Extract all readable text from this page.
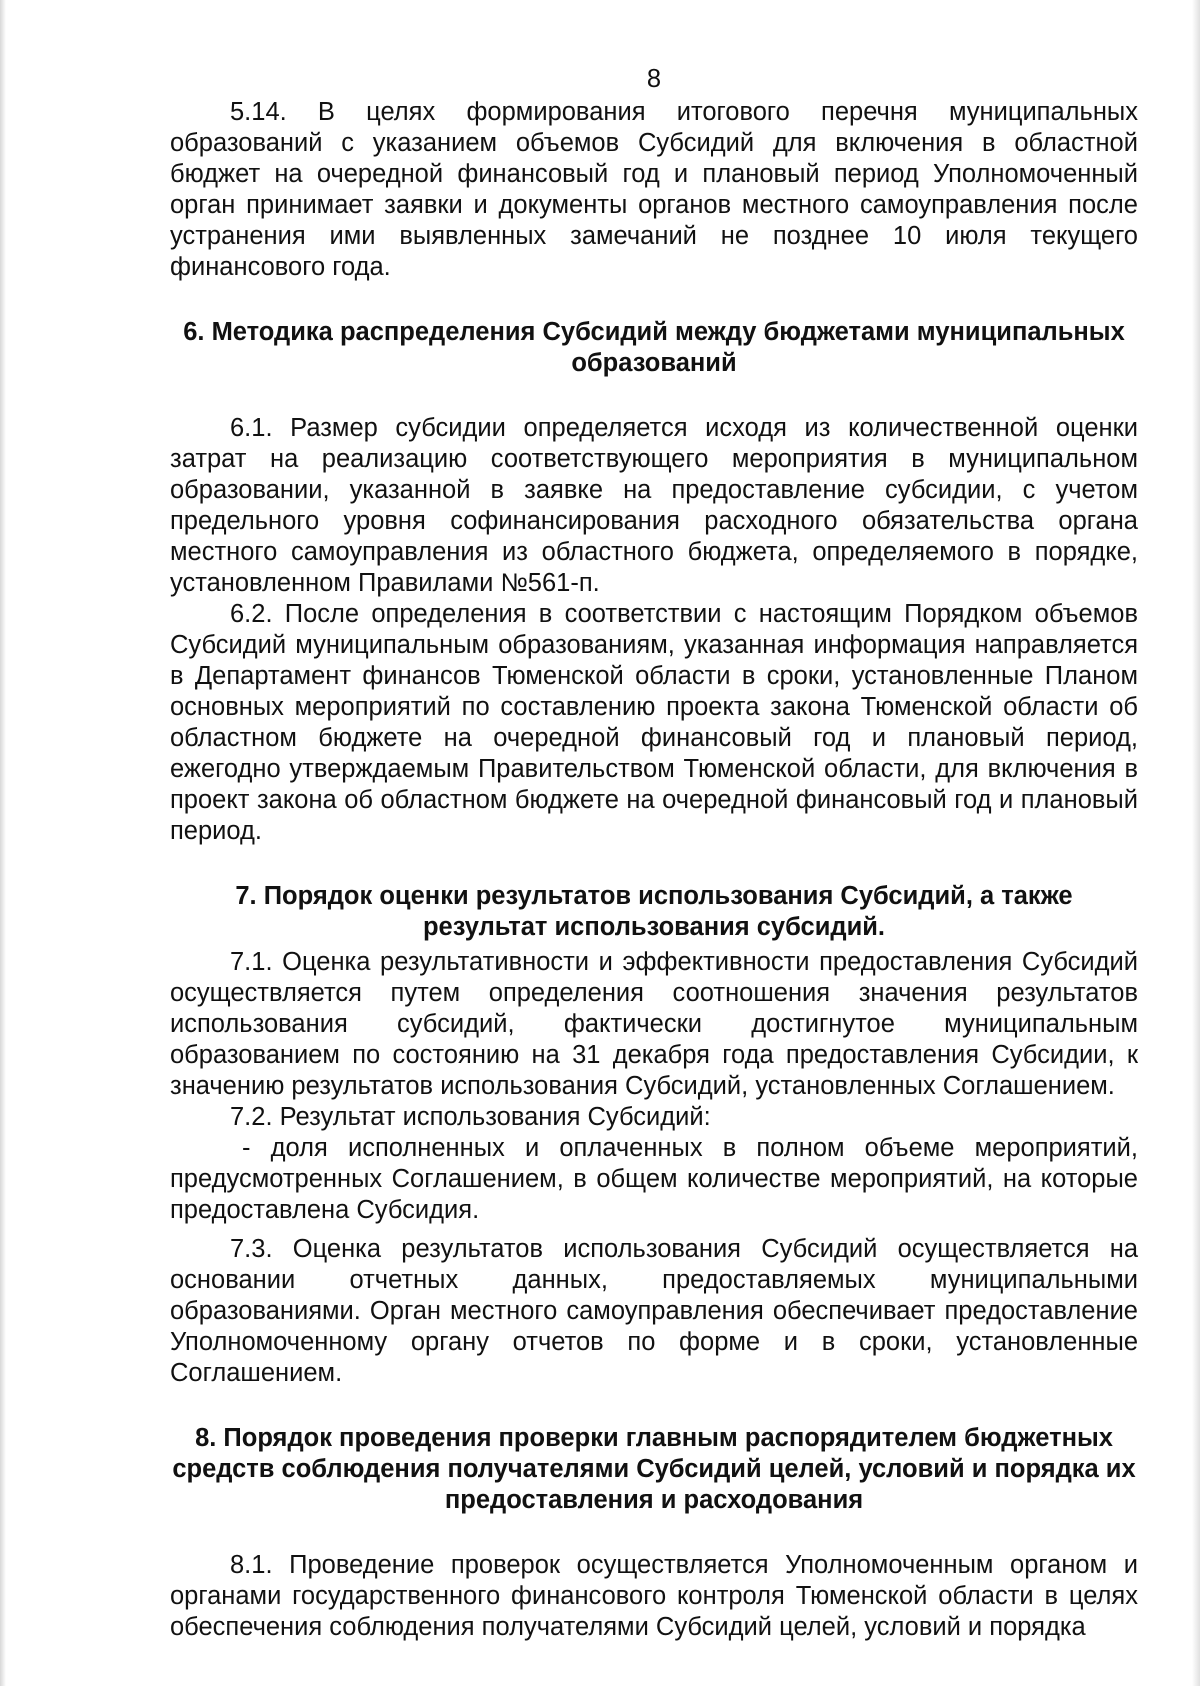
8

5.14. В целях формирования итогового перечня муниципальных образований с указанием объемов Субсидий для включения в областной бюджет на очередной финансовый год и плановый период Уполномоченный орган принимает заявки и документы органов местного самоуправления после устранения ими выявленных замечаний не позднее 10 июля текущего финансового года.

6. Методика распределения Субсидий между бюджетами муниципальных образований

6.1. Размер субсидии определяется исходя из количественной оценки затрат на реализацию соответствующего мероприятия в муниципальном образовании, указанной в заявке на предоставление субсидии, с учетом предельного уровня софинансирования расходного обязательства органа местного самоуправления из областного бюджета, определяемого в порядке, установленном Правилами №561-п.

6.2. После определения в соответствии с настоящим Порядком объемов Субсидий муниципальным образованиям, указанная информация направляется в Департамент финансов Тюменской области в сроки, установленные Планом основных мероприятий по составлению проекта закона Тюменской области об областном бюджете на очередной финансовый год и плановый период, ежегодно утверждаемым Правительством Тюменской области, для включения в проект закона об областном бюджете на очередной финансовый год и плановый период.

7. Порядок оценки результатов использования Субсидий, а также результат использования субсидий.

7.1. Оценка результативности и эффективности предоставления Субсидий осуществляется путем определения соотношения значения результатов использования субсидий, фактически достигнутое муниципальным образованием по состоянию на 31 декабря года предоставления Субсидии, к значению результатов использования Субсидий, установленных Соглашением.

7.2. Результат использования Субсидий:

- доля исполненных и оплаченных в полном объеме мероприятий, предусмотренных Соглашением, в общем количестве мероприятий, на которые предоставлена Субсидия.

7.3. Оценка результатов использования Субсидий осуществляется на основании отчетных данных, предоставляемых муниципальными образованиями. Орган местного самоуправления обеспечивает предоставление Уполномоченному органу отчетов по форме и в сроки, установленные Соглашением.

8. Порядок проведения проверки главным распорядителем бюджетных средств соблюдения получателями Субсидий целей, условий и порядка их предоставления и расходования

8.1. Проведение проверок осуществляется Уполномоченным органом и органами государственного финансового контроля Тюменской области в целях обеспечения соблюдения получателями Субсидий целей, условий и порядка
